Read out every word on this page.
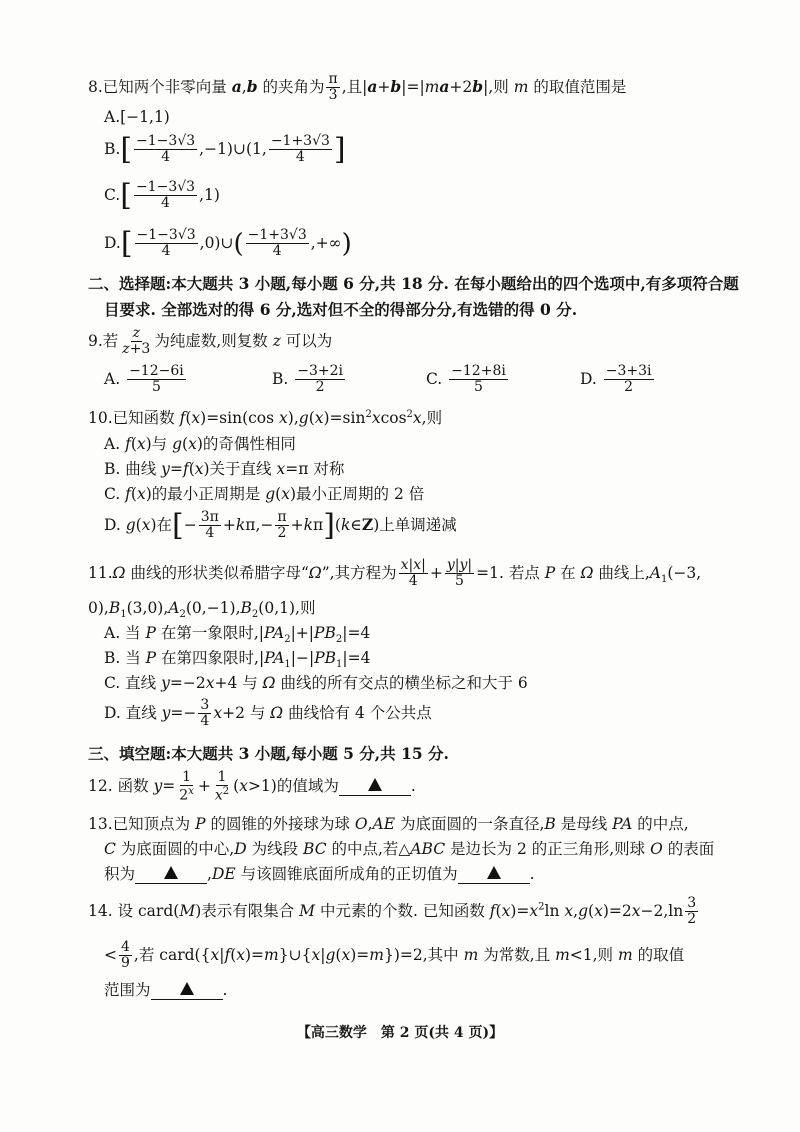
8.已知两个非零向量 a,b 的夹角为 $\frac{\pi}{3}$ ,且|a+b|=|ma+2b|,则 m 的取值范围是
A.[−1,1)
$B.[ \frac{-1-3√3}{4}$ ,−1)∪(1, $\frac{-1+3√3}{4}$ ]
$C.[ \frac{-1-3√3}{4} ,1)$
$D.[ \frac{-1-3√3}{4}$ ,0)∪( $\frac{-1+3√3}{4}$ ,+∞)
二、选择题:本大题共 3 小题,每小题 6 分,共 18 分. 在每小题给出的四个选项中,有多项符合题
目要求. 全部选对的得 6 分,选对但不全的得部分分,有选错的得 0 分.
9.若 $\frac{z}{z+3}$ 为纯虚数,则复数 z 可以为
A. $\frac{-12-6i}{5}$	B. $\frac{-3+2i}{2}$	C. $\frac{-12+8i}{5}$	D. $\frac{-3+3i}{2}$
10.已知函数 f(x)=sin(cos $x),g(x)=\sin^2xcos^2x$,则
A. f(x)与 g(x)的奇偶性相同
B. 曲线 y=f(x)关于直线 x=π 对称
C. f(x)的最小正周期是 g(x)最小正周期的 2 倍
D. g(x)在[− $\frac{3\pi}{4} +k\pi,- \frac{\pi}{2}$ +kπ](k∈Z)上单调递减
11.Ω 曲线的形状类似希腊字母“Ω”,其方程为 $\frac{x|x|}{4} + \frac{y|y|}{5} =1$. 若点 P 在 Ω 曲线上$,A_1(-3$,
$0),B_1(3,0),A_2(0,-1),B_2(0,1)$,则
A. 当 P 在第一象限时$,|PA_2|+|PB_2|=4$
B. 当 P 在第四象限时$,|PA_1|-|PB_1|=4$
C. 直线 y=−2x+4 与 Ω 曲线的所有交点的横坐标之和大于 6
D. 直线 $y=- \frac{3}{4} x+2$ 与 Ω 曲线恰有 4 个公共点
三、填空题:本大题共 3 小题,每小题 5 分,共 15 分.
12. 函数 $y= \frac{1}{2^x} + \frac{1}{x^2} (x>1)$的值域为	.
13.已知顶点为 P 的圆锥的外接球为球 O,AE 为底面圆的一条直径,B 是母线 PA 的中点,
C 为底面圆的中心,D 为线段 BC 的中点,若△ABC 是边长为 2 的正三角形,则球 O 的表面
积为	,DE 与该圆锥底面所成角的正切值为	.
14. 设 card(M)表示有限集合 M 中元素的个数. 已知函数 $f(x)=x^2\ln$ $x,g(x)=2x-2,\ln \frac{3}{2}$
< $\frac{4}{9}$ ,若 card({x|f(x)=m}∪{x|g(x)=m})=2,其中 m 为常数,且 m<1,则 m 的取值
范围为	.
【高三数学　第 2 页(共 4 页)】
